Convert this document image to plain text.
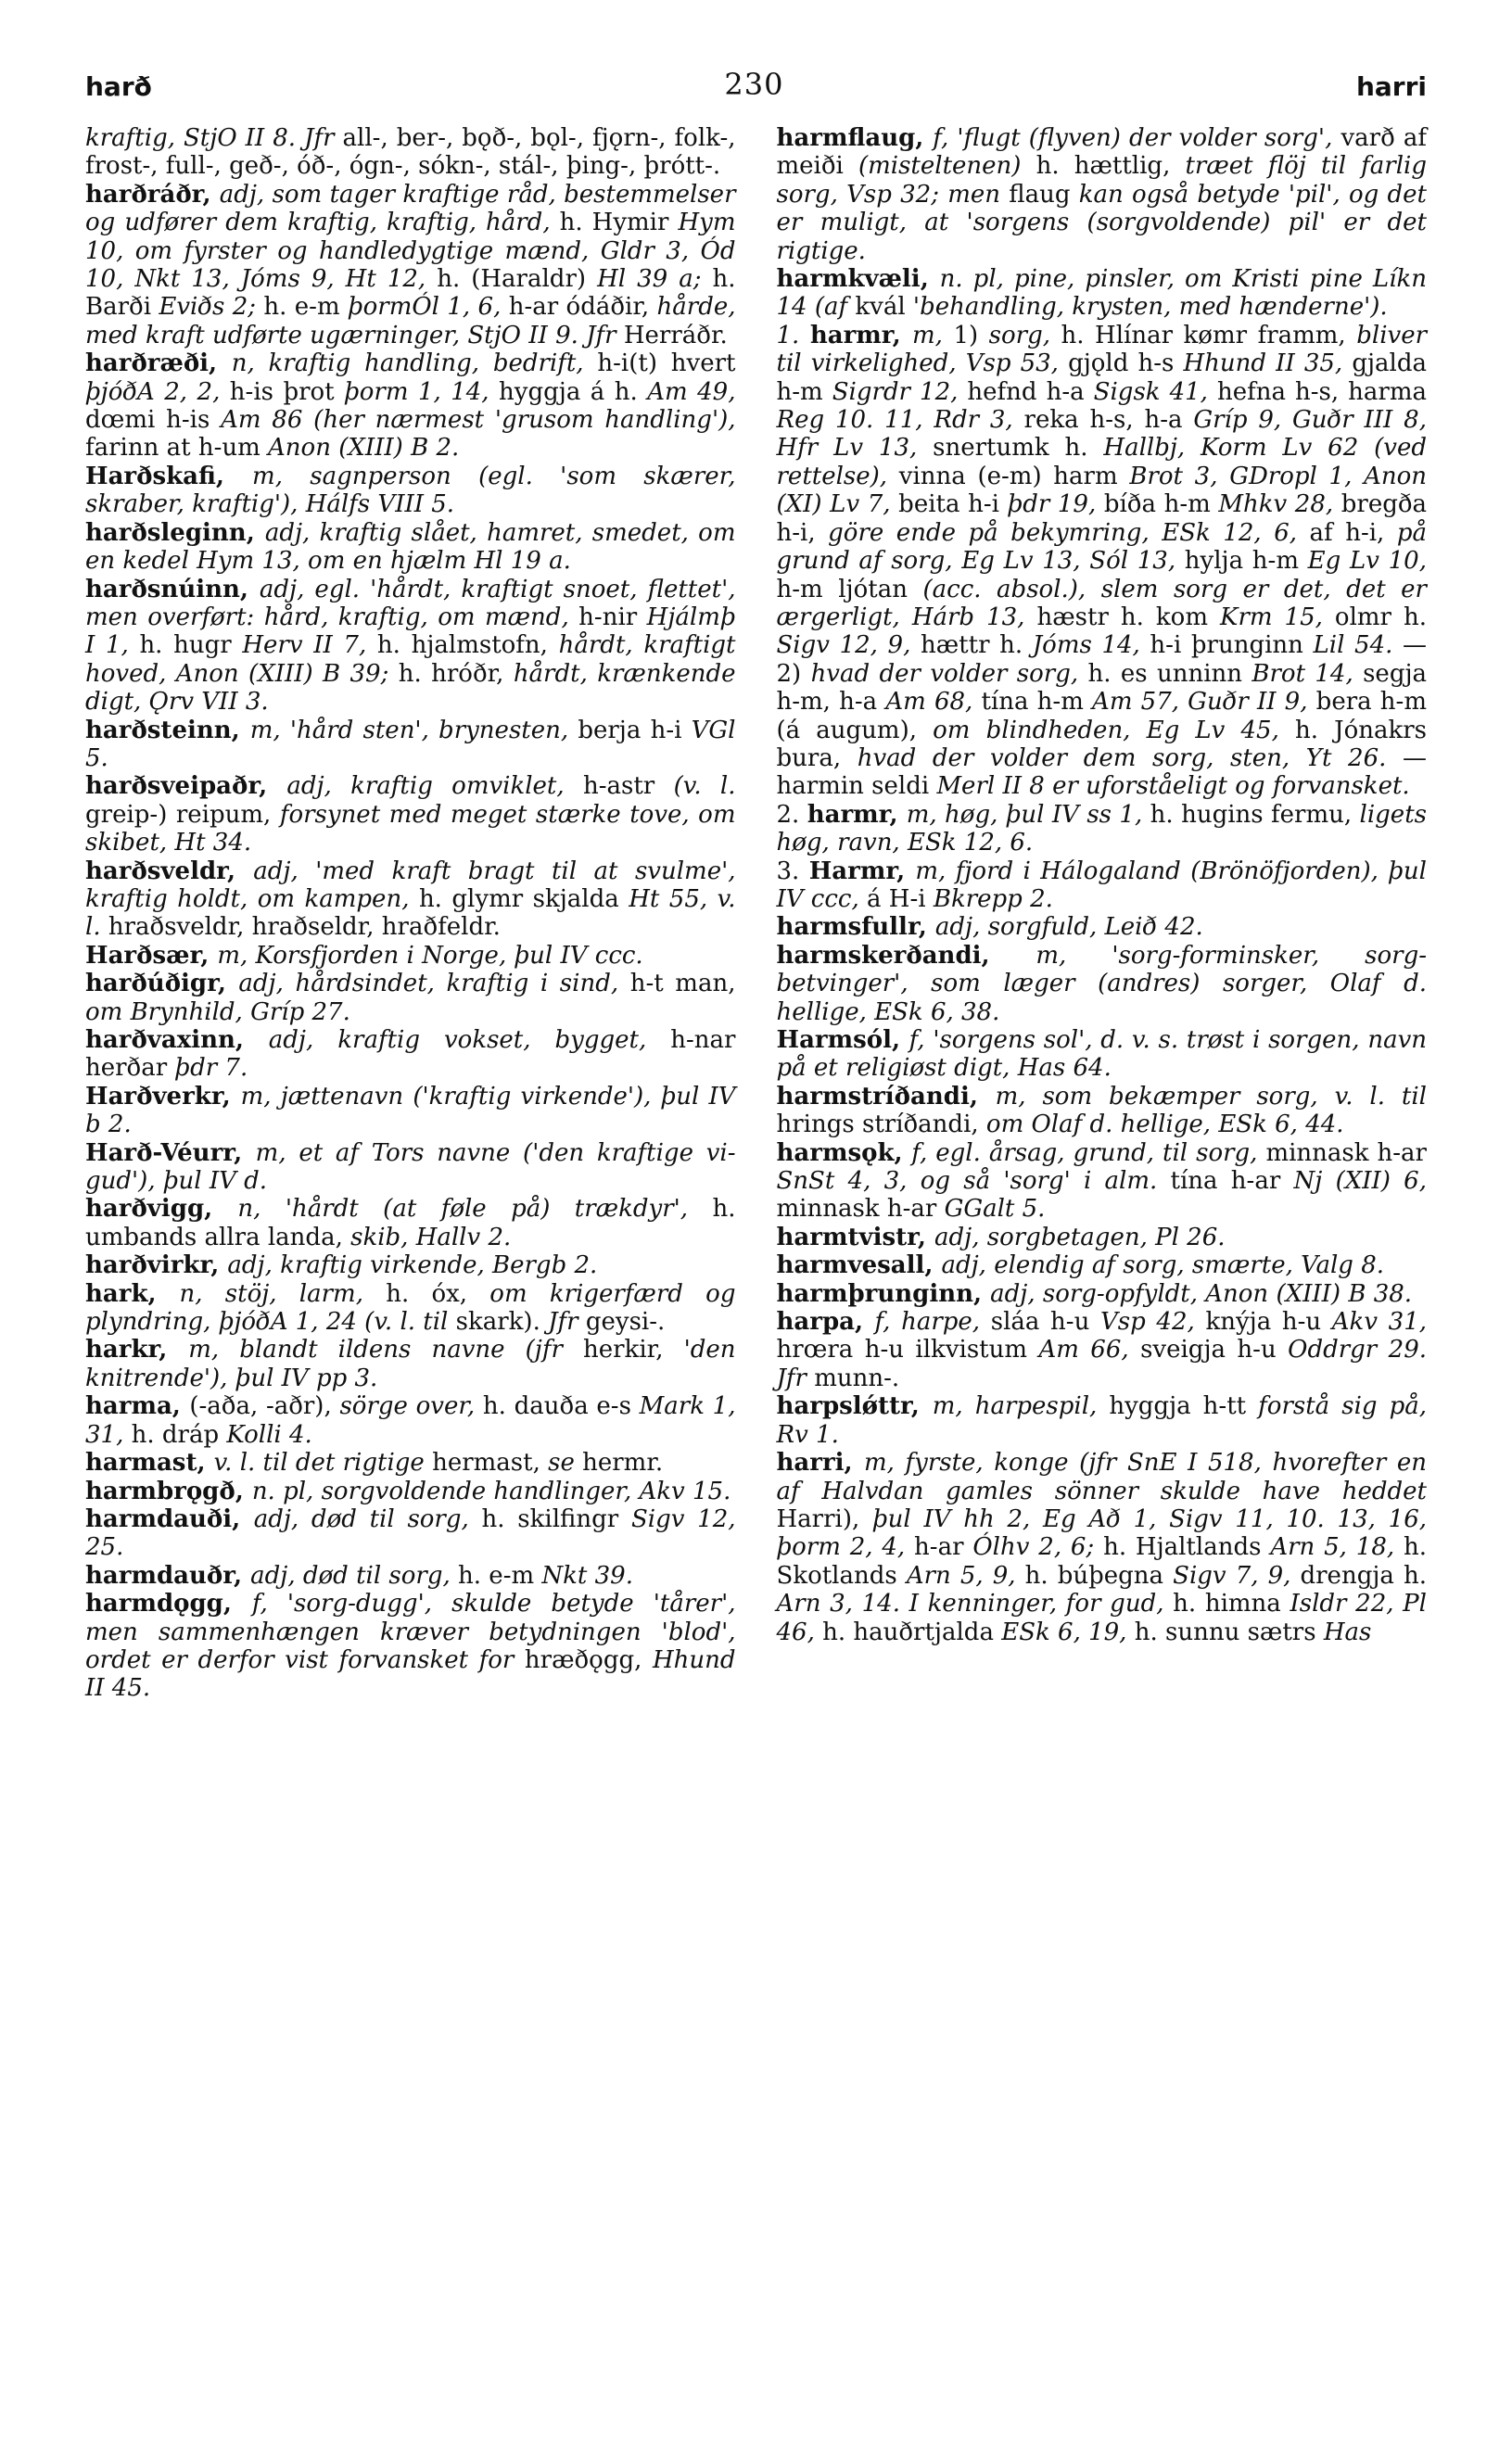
harð	230	harri

kraftig, StjO II 8. Jfr all-, ber-, bǫð-, bǫl-, fjǫrn-, folk-, frost-, full-, geð-, óð-, ógn-, sókn-, stál-, þing-, þrótt-.

harðráðr, adj, som tager kraftige råd, bestemmelser og udfører dem kraftig, kraftig, hård, h. Hymir Hym 10, om fyrster og handledygtige mænd, Gldr 3, Ód 10, Nkt 13, Jóms 9, Ht 12, h. (Haraldr) Hl 39 a; h. Barði Eviðs 2; h. e-m þormÓl 1, 6, h-ar ódáðir, hårde, med kraft udførte ugærninger, StjO II 9. Jfr Herráðr.

harðræði, n, kraftig handling, bedrift, h-i(t) hvert þjóðA 2, 2, h-is þrot þorm 1, 14, hyggja á h. Am 49, dœmi h-is Am 86 (her nærmest 'grusom handling'), farinn at h-um Anon (XIII) B 2.

Harðskafi, m, sagnperson (egl. 'som skærer, skraber, kraftig'), Hálfs VIII 5.

harðsleginn, adj, kraftig slået, hamret, smedet, om en kedel Hym 13, om en hjælm Hl 19 a.

harðsnúinn, adj, egl. 'hårdt, kraftigt snoet, flettet', men overført: hård, kraftig, om mænd, h-nir Hjálmþ I 1, h. hugr Herv II 7, h. hjalmstofn, hårdt, kraftigt hoved, Anon (XIII) B 39; h. hróðr, hårdt, krænkende digt, Ǫrv VII 3.

harðsteinn, m, 'hård sten', brynesten, berja h-i VGl 5.

harðsveipaðr, adj, kraftig omviklet, h-astr (v. l. greip-) reipum, forsynet med meget stærke tove, om skibet, Ht 34.

harðsveldr, adj, 'med kraft bragt til at svulme', kraftig holdt, om kampen, h. glymr skjalda Ht 55, v. l. hraðsveldr, hraðseldr, hraðfeldr.

Harðsær, m, Korsfjorden i Norge, þul IV ccc.

harðúðigr, adj, hårdsindet, kraftig i sind, h-t man, om Brynhild, Gríp 27.

harðvaxinn, adj, kraftig vokset, bygget, h-nar herðar þdr 7.

Harðverkr, m, jættenavn ('kraftig virkende'), þul IV b 2.

Harð-Véurr, m, et af Tors navne ('den kraftige vi-gud'), þul IV d.

harðvigg, n, 'hårdt (at føle på) trækdyr', h. umbands allra landa, skib, Hallv 2.

harðvirkr, adj, kraftig virkende, Bergb 2.

hark, n, stöj, larm, h. óx, om krigerfærd og plyndring, þjóðA 1, 24 (v. l. til skark). Jfr geysi-.

harkr, m, blandt ildens navne (jfr herkir, 'den knitrende'), þul IV pp 3.

harma, (-aða, -aðr), sörge over, h. dauða e-s Mark 1, 31, h. dráp Kolli 4.

harmast, v. l. til det rigtige hermast, se hermr.

harmbrǫgð, n. pl, sorgvoldende handlinger, Akv 15.

harmdauði, adj, død til sorg, h. skilfingr Sigv 12, 25.

harmdauðr, adj, død til sorg, h. e-m Nkt 39.

harmdǫgg, f, 'sorg-dugg', skulde betyde 'tårer', men sammenhængen kræver betydningen 'blod', ordet er derfor vist forvansket for hræðǫgg, Hhund II 45.

harmflaug, f, 'flugt (flyven) der volder sorg', varð af meiði (misteltenen) h. hættlig, træet flöj til farlig sorg, Vsp 32; men flaug kan også betyde 'pil', og det er muligt, at 'sorgens (sorgvoldende) pil' er det rigtige.

harmkvæli, n. pl, pine, pinsler, om Kristi pine Líkn 14 (af kvál 'behandling, krysten, med hænderne').

1. harmr, m, 1) sorg, h. Hlínar kømr framm, bliver til virkelighed, Vsp 53, gjǫld h-s Hhund II 35, gjalda h-m Sigrdr 12, hefnd h-a Sigsk 41, hefna h-s, harma Reg 10. 11, Rdr 3, reka h-s, h-a Gríp 9, Guðr III 8, Hfr Lv 13, snertumk h. Hallbj, Korm Lv 62 (ved rettelse), vinna (e-m) harm Brot 3, GDropl 1, Anon (XI) Lv 7, beita h-i þdr 19, bíða h-m Mhkv 28, bregða h-i, göre ende på bekymring, ESk 12, 6, af h-i, på grund af sorg, Eg Lv 13, Sól 13, hylja h-m Eg Lv 10, h-m ljótan (acc. absol.), slem sorg er det, det er ærgerligt, Hárb 13, hæstr h. kom Krm 15, olmr h. Sigv 12, 9, hættr h. Jóms 14, h-i þrunginn Lil 54. — 2) hvad der volder sorg, h. es unninn Brot 14, segja h-m, h-a Am 68, tína h-m Am 57, Guðr II 9, bera h-m (á augum), om blindheden, Eg Lv 45, h. Jónakrs bura, hvad der volder dem sorg, sten, Yt 26. — harmin seldi Merl II 8 er uforståeligt og forvansket.

2. harmr, m, høg, þul IV ss 1, h. hugins fermu, ligets høg, ravn, ESk 12, 6.

3. Harmr, m, fjord i Hálogaland (Brönöfjorden), þul IV ccc, á H-i Bkrepp 2.

harmsfullr, adj, sorgfuld, Leið 42.

harmskerðandi, m, 'sorg-forminsker, sorg-betvinger', som læger (andres) sorger, Olaf d. hellige, ESk 6, 38.

Harmsól, f, 'sorgens sol', d. v. s. trøst i sorgen, navn på et religiøst digt, Has 64.

harmstríðandi, m, som bekæmper sorg, v. l. til hrings stríðandi, om Olaf d. hellige, ESk 6, 44.

harmsǫk, f, egl. årsag, grund, til sorg, minnask h-ar SnSt 4, 3, og så 'sorg' i alm. tína h-ar Nj (XII) 6, minnask h-ar GGalt 5.

harmtvistr, adj, sorgbetagen, Pl 26.

harmvesall, adj, elendig af sorg, smærte, Valg 8.

harmþrunginn, adj, sorg-opfyldt, Anon (XIII) B 38.

harpa, f, harpe, sláa h-u Vsp 42, knýja h-u Akv 31, hrœra h-u ilkvistum Am 66, sveigja h-u Oddrgr 29. Jfr munn-.

harpslǿttr, m, harpespil, hyggja h-tt forstå sig på, Rv 1.

harri, m, fyrste, konge (jfr SnE I 518, hvorefter en af Halvdan gamles sönner skulde have heddet Harri), þul IV hh 2, Eg Að 1, Sigv 11, 10. 13, 16, þorm 2, 4, h-ar Ólhv 2, 6; h. Hjaltlands Arn 5, 18, h. Skotlands Arn 5, 9, h. búþegna Sigv 7, 9, drengja h. Arn 3, 14. I kenninger, for gud, h. himna Isldr 22, Pl 46, h. hauðrtjalda ESk 6, 19, h. sunnu sætrs Has
